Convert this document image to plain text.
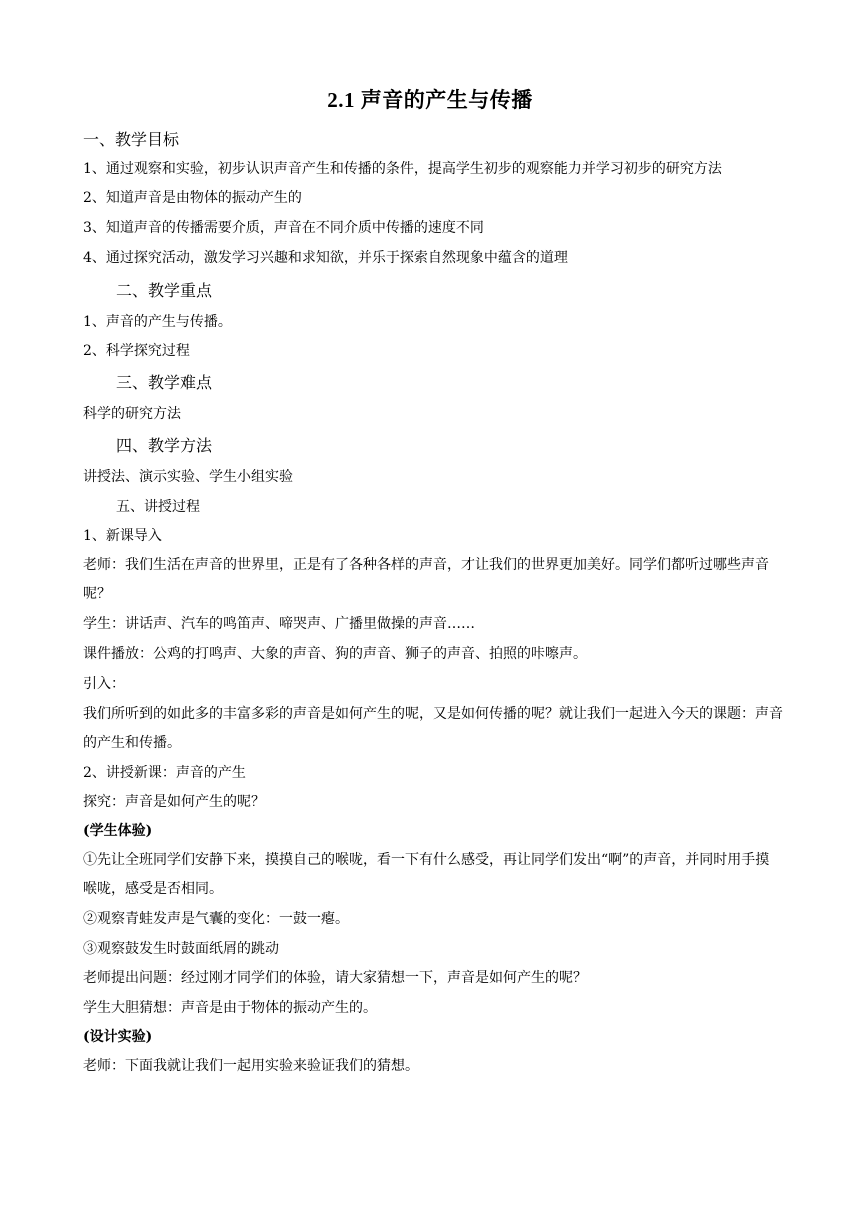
2.1 声音的产生与传播
一、教学目标
1、通过观察和实验，初步认识声音产生和传播的条件，提高学生初步的观察能力并学习初步的研究方法
2、知道声音是由物体的振动产生的
3、知道声音的传播需要介质，声音在不同介质中传播的速度不同
4、通过探究活动，激发学习兴趣和求知欲，并乐于探索自然现象中蕴含的道理
二、教学重点
1、声音的产生与传播。
2、科学探究过程
三、教学难点
科学的研究方法
四、教学方法
讲授法、演示实验、学生小组实验
五、讲授过程
1、新课导入
老师：我们生活在声音的世界里，正是有了各种各样的声音，才让我们的世界更加美好。同学们都听过哪些声音呢？
学生：讲话声、汽车的鸣笛声、啼哭声、广播里做操的声音……
课件播放：公鸡的打鸣声、大象的声音、狗的声音、狮子的声音、拍照的咔嚓声。
引入：
我们所听到的如此多的丰富多彩的声音是如何产生的呢，又是如何传播的呢？就让我们一起进入今天的课题：声音的产生和传播。
2、讲授新课：声音的产生
探究：声音是如何产生的呢？
(学生体验)
①先让全班同学们安静下来，摸摸自己的喉咙，看一下有什么感受，再让同学们发出“啊”的声音，并同时用手摸喉咙，感受是否相同。
②观察青蛙发声是气囊的变化：一鼓一瘪。
③观察鼓发生时鼓面纸屑的跳动
老师提出问题：经过刚才同学们的体验，请大家猜想一下，声音是如何产生的呢？
学生大胆猜想：声音是由于物体的振动产生的。
(设计实验)
老师：下面我就让我们一起用实验来验证我们的猜想。
